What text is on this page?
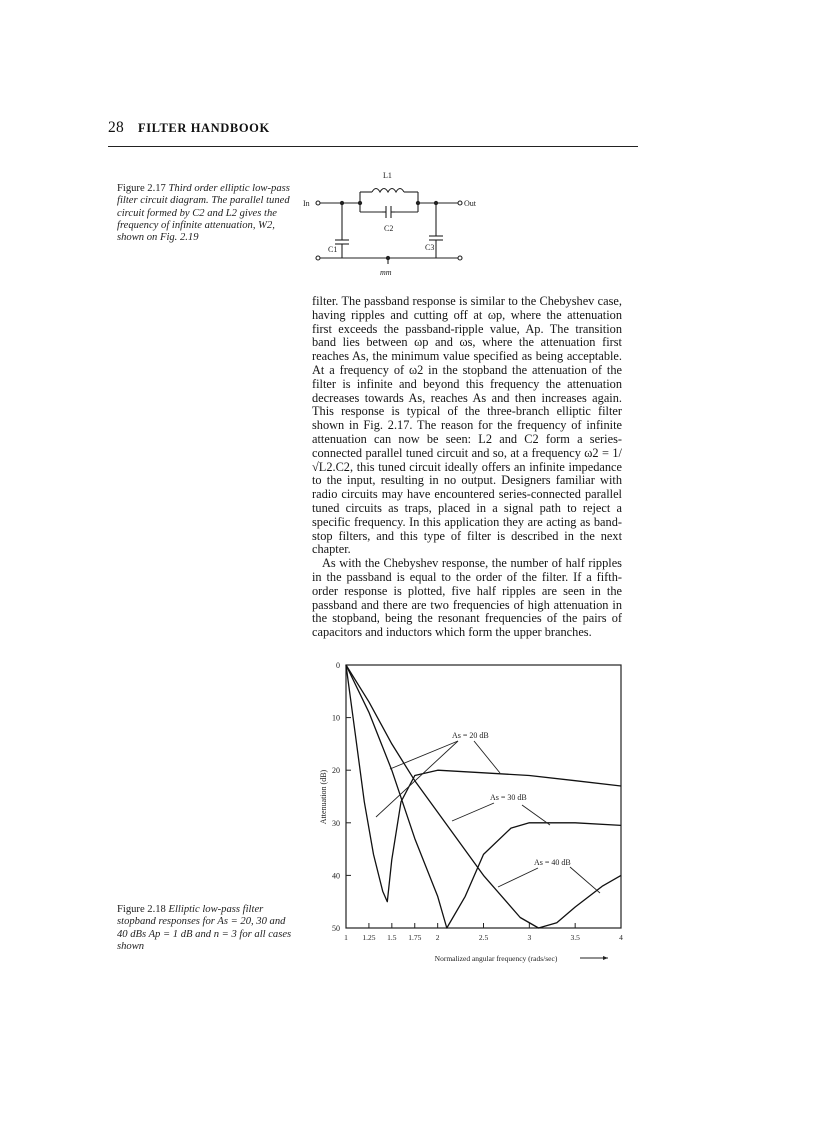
28 FILTER HANDBOOK
Figure 2.17 Third order elliptic low-pass filter circuit diagram. The parallel tuned circuit formed by C2 and L2 gives the frequency of infinite attenuation, W2, shown on Fig. 2.19
L1
C2
C1	C3
In	Out
mm

filter. The passband response is similar to the Chebyshev case, having ripples and cutting off at ωp, where the attenuation first exceeds the passband-ripple value, Ap. The transition band lies between ωp and ωs, where the attenuation first reaches As, the minimum value specified as being acceptable. At a frequency of ω2 in the stopband the attenuation of the filter is infinite and beyond this frequency the attenuation decreases towards As, reaches As and then increases again. This response is typical of the three-branch elliptic filter shown in Fig. 2.17. The reason for the frequency of infinite attenuation can now be seen: L2 and C2 form a series-connected parallel tuned circuit and so, at a frequency ω2 = 1/√L2.C2, this tuned circuit ideally offers an infinite impedance to the input, resulting in no output. Designers familiar with radio circuits may have encountered series-connected parallel tuned circuits as traps, placed in a signal path to reject a specific frequency. In this application they are acting as band-stop filters, and this type of filter is described in the next chapter.

As with the Chebyshev response, the number of half ripples in the passband is equal to the order of the filter. If a fifth-order response is plotted, five half ripples are seen in the passband and there are two frequencies of high attenuation in the stopband, being the resonant frequencies of the pairs of capacitors and inductors which form the upper branches.

0
10
20
30
40
50
1 1.25 1.5 1.75 2	2.5	3	3.5	4
Attenuation (dB)
Normalized angular frequency (rads/sec)
As = 20 dB
As = 30 dB
As = 40 dB
Figure 2.18 Elliptic low-pass filter stopband responses for As = 20, 30 and 40 dBs Ap = 1 dB and n = 3 for all cases shown
